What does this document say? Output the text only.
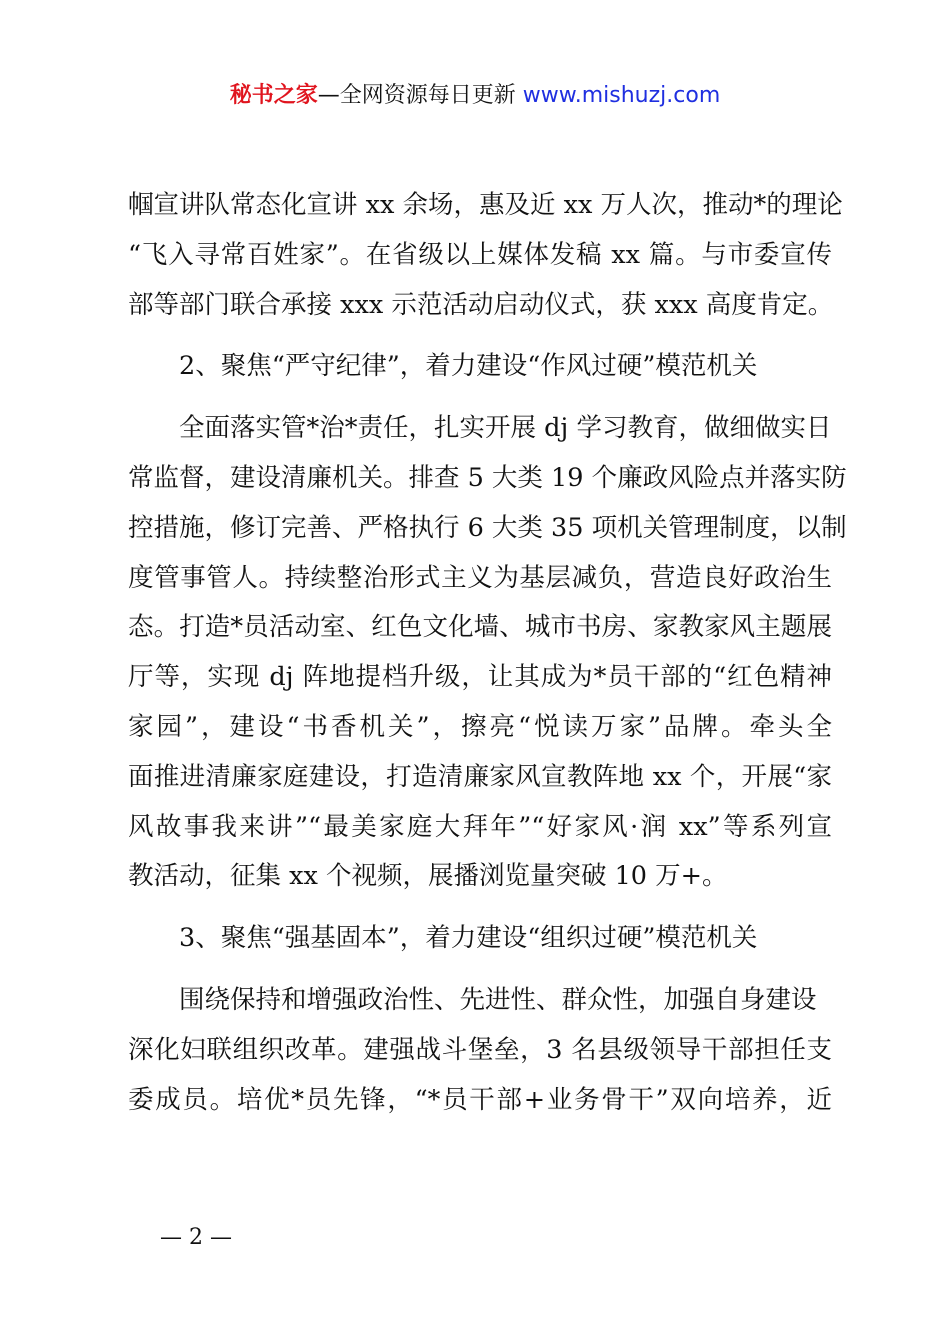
秘书之家—全网资源每日更新 www.mishuzj.com
帼宣讲队常态化宣讲 xx 余场，惠及近 xx 万人次，推动*的理论
“飞入寻常百姓家”。在省级以上媒体发稿 xx 篇。与市委宣传
部等部门联合承接 xxx 示范活动启动仪式，获 xxx 高度肯定。
2、聚焦“严守纪律”，着力建设“作风过硬”模范机关
全面落实管*治*责任，扎实开展 dj 学习教育，做细做实日
常监督，建设清廉机关。排查 5 大类 19 个廉政风险点并落实防
控措施，修订完善、严格执行 6 大类 35 项机关管理制度，以制
度管事管人。持续整治形式主义为基层减负，营造良好政治生
态。打造*员活动室、红色文化墙、城市书房、家教家风主题展
厅等，实现 dj 阵地提档升级，让其成为*员干部的“红色精神
家园”，建设“书香机关”，擦亮“悦读万家”品牌。牵头全
面推进清廉家庭建设，打造清廉家风宣教阵地 xx 个，开展“家
风故事我来讲”“最美家庭大拜年”“好家风·润 xx”等系列宣
教活动，征集 xx 个视频，展播浏览量突破 10 万+。
3、聚焦“强基固本”，着力建设“组织过硬”模范机关
围绕保持和增强政治性、先进性、群众性，加强自身建设
深化妇联组织改革。建强战斗堡垒，3 名县级领导干部担任支
委成员。培优*员先锋，“*员干部+业务骨干”双向培养，近
— 2 —
